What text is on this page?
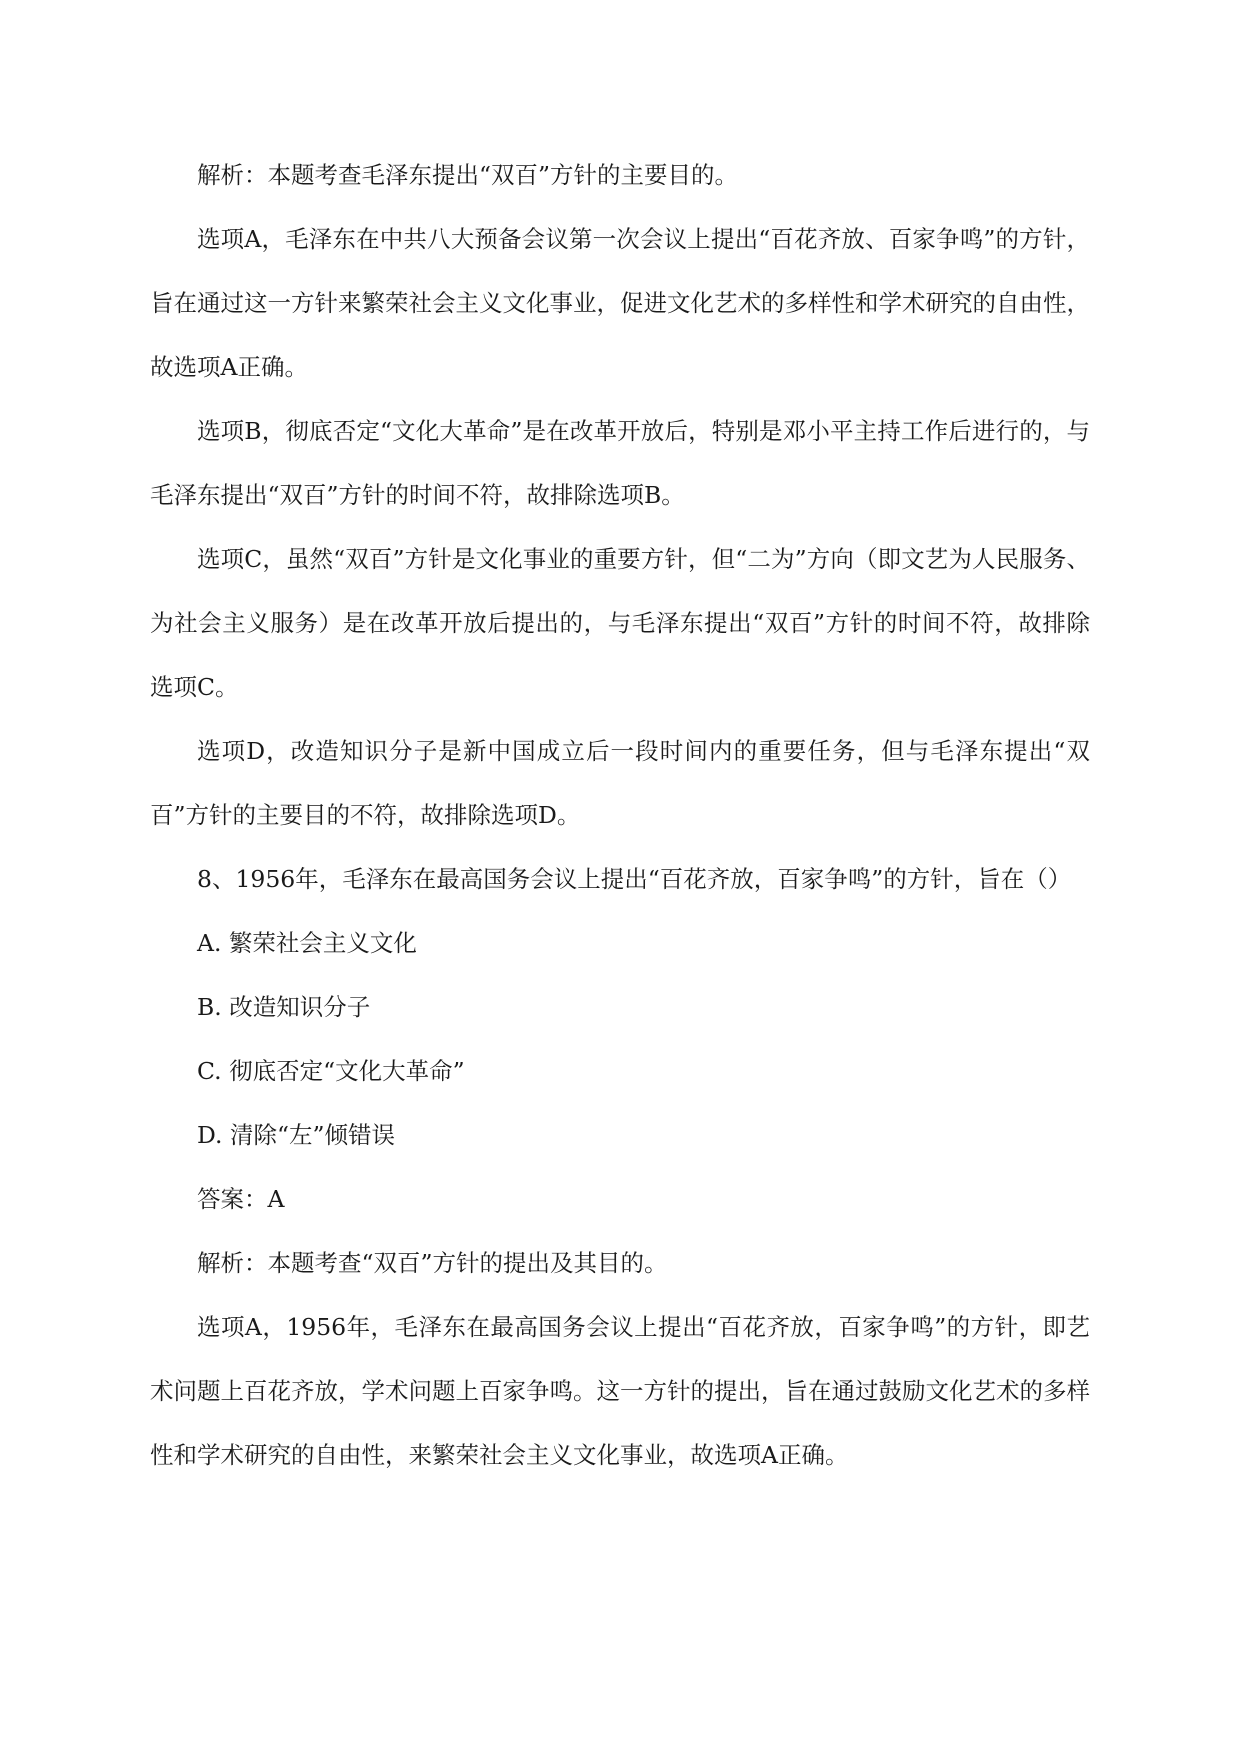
解析：本题考查毛泽东提出“双百”方针的主要目的。

选项A，毛泽东在中共八大预备会议第一次会议上提出“百花齐放、百家争鸣”的方针，旨在通过这一方针来繁荣社会主义文化事业，促进文化艺术的多样性和学术研究的自由性，故选项A正确。

选项B，彻底否定“文化大革命”是在改革开放后，特别是邓小平主持工作后进行的，与毛泽东提出“双百”方针的时间不符，故排除选项B。

选项C，虽然“双百”方针是文化事业的重要方针，但“二为”方向（即文艺为人民服务、为社会主义服务）是在改革开放后提出的，与毛泽东提出“双百”方针的时间不符，故排除选项C。

选项D，改造知识分子是新中国成立后一段时间内的重要任务，但与毛泽东提出“双百”方针的主要目的不符，故排除选项D。

8、1956年，毛泽东在最高国务会议上提出“百花齐放，百家争鸣”的方针，旨在（）

A. 繁荣社会主义文化

B. 改造知识分子

C. 彻底否定“文化大革命”

D. 清除“左”倾错误

答案：A

解析：本题考查“双百”方针的提出及其目的。

选项A，1956年，毛泽东在最高国务会议上提出“百花齐放，百家争鸣”的方针，即艺术问题上百花齐放，学术问题上百家争鸣。这一方针的提出，旨在通过鼓励文化艺术的多样性和学术研究的自由性，来繁荣社会主义文化事业，故选项A正确。
